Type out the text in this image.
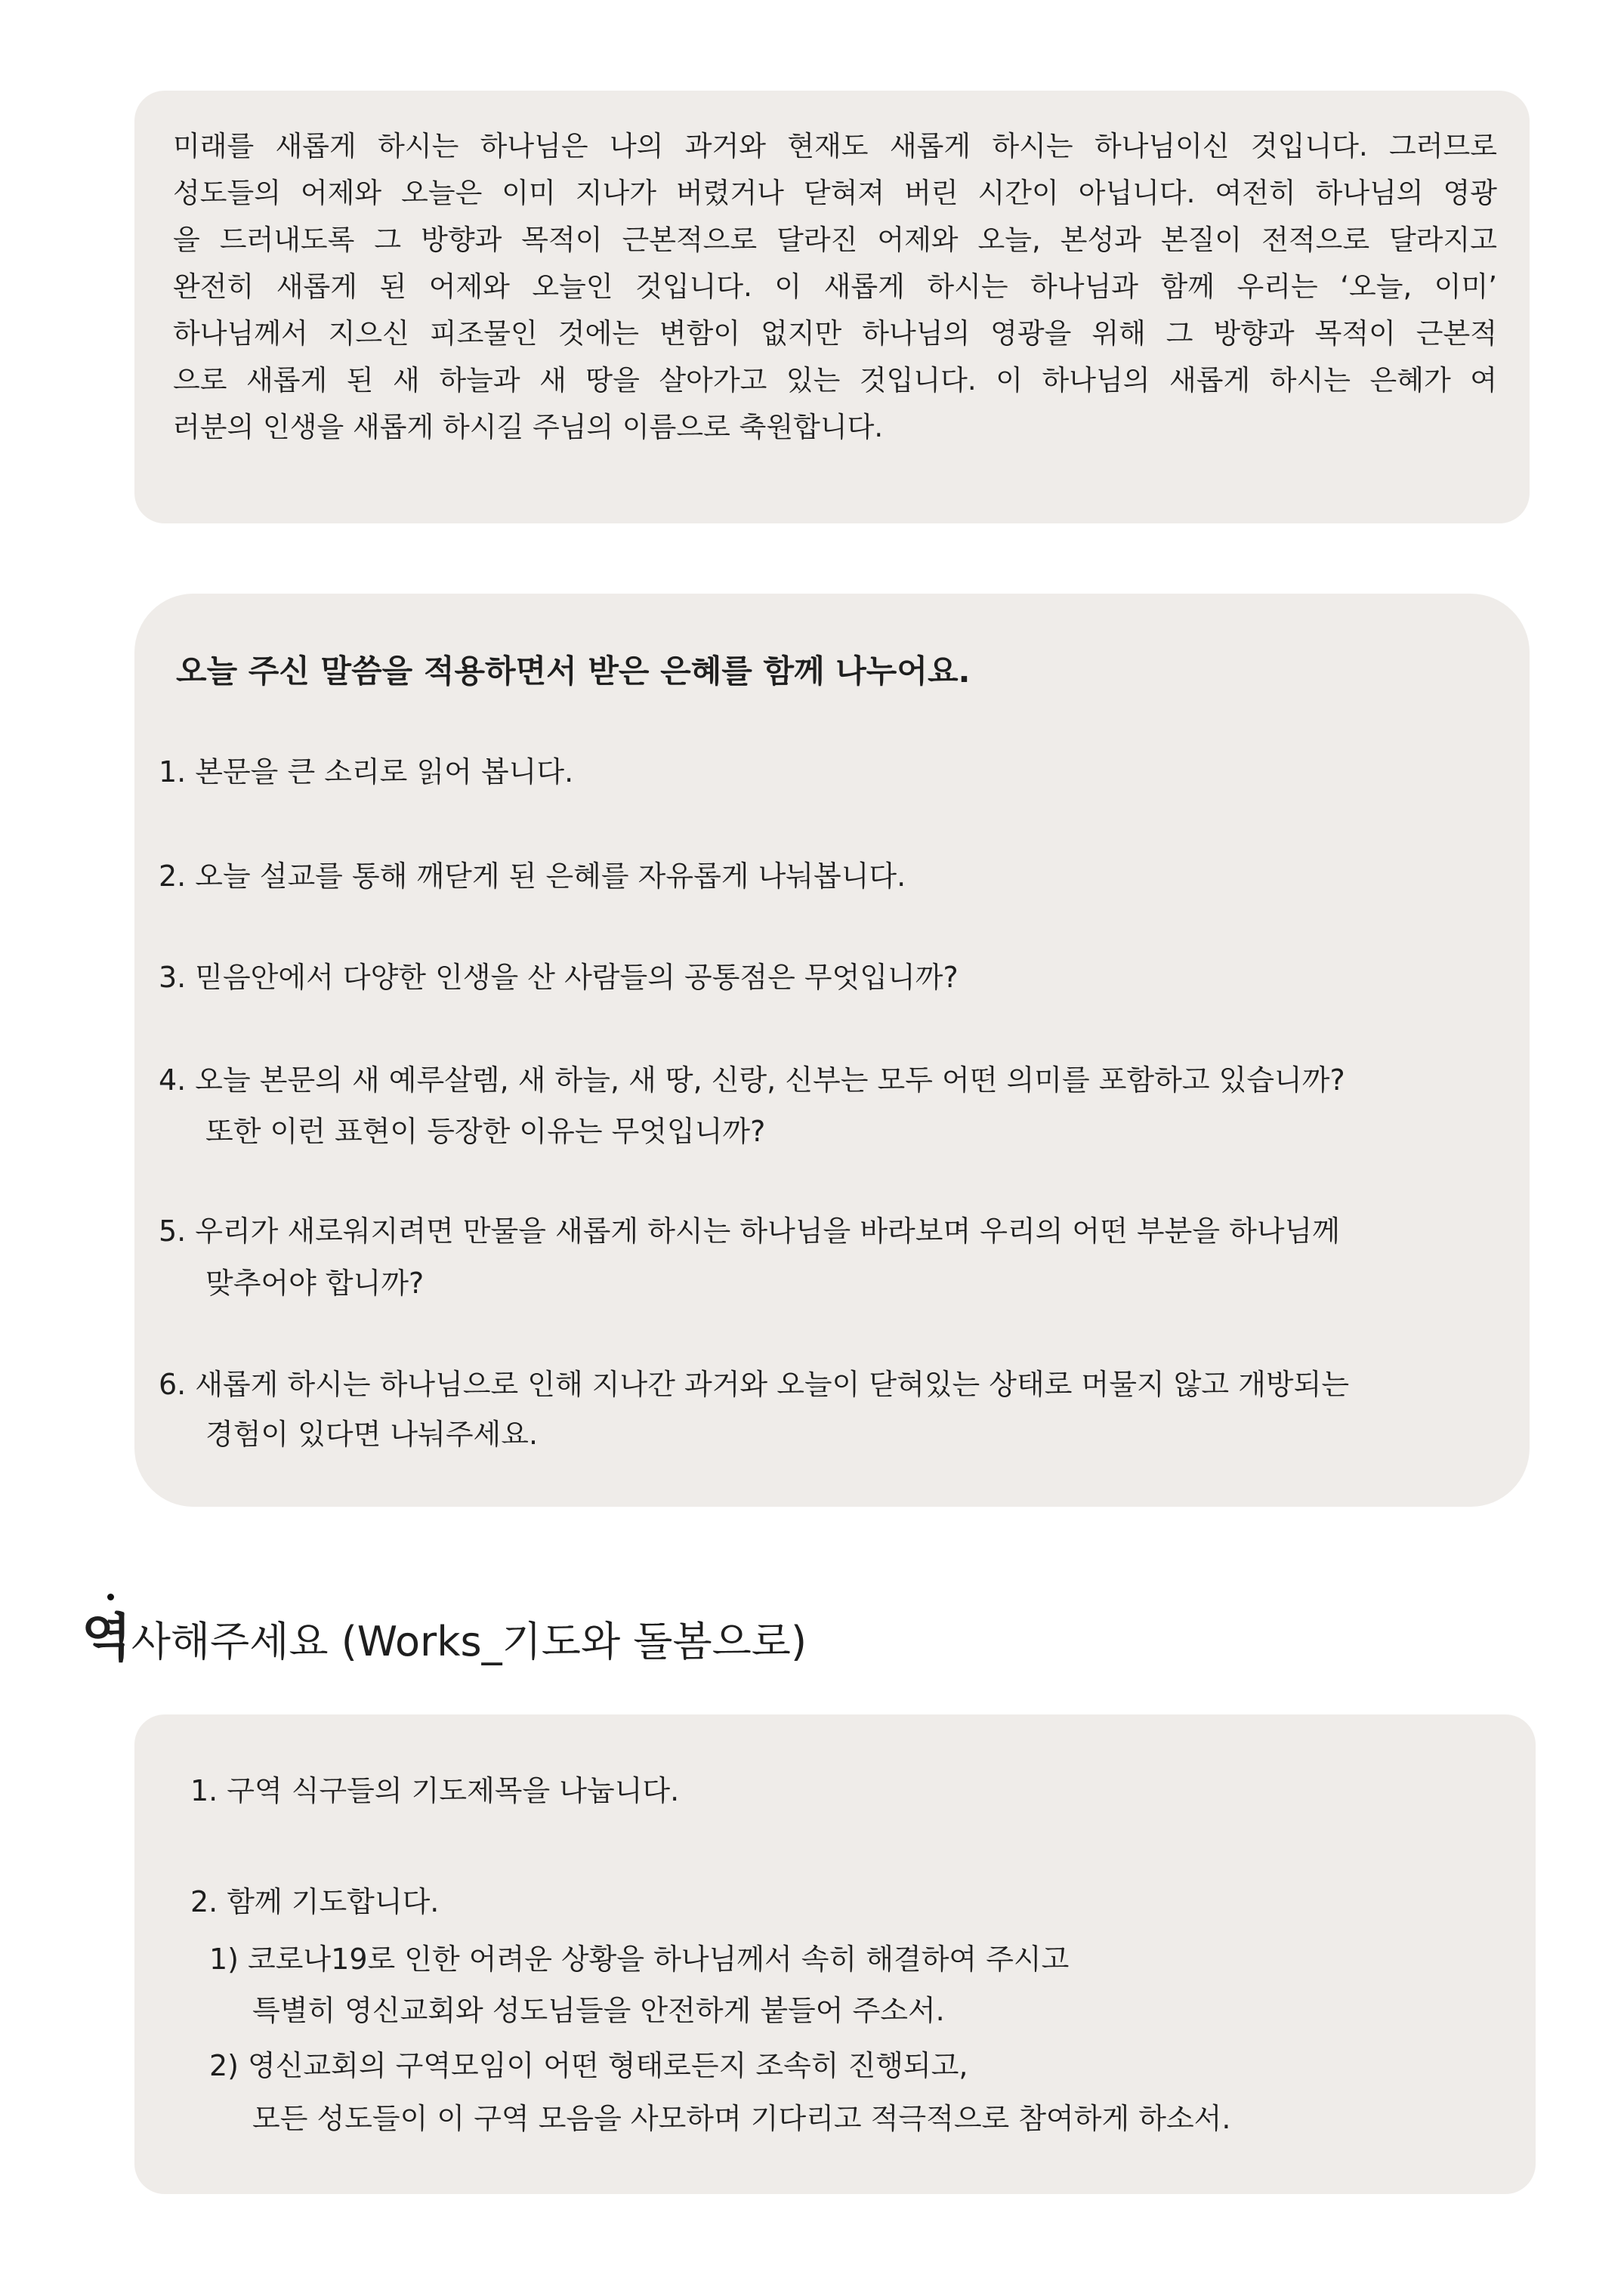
미래를 새롭게 하시는 하나님은 나의 과거와 현재도 새롭게 하시는 하나님이신 것입니다. 그러므로
성도들의 어제와 오늘은 이미 지나가 버렸거나 닫혀져 버린 시간이 아닙니다. 여전히 하나님의 영광
을 드러내도록 그 방향과 목적이 근본적으로 달라진 어제와 오늘, 본성과 본질이 전적으로 달라지고
완전히 새롭게 된 어제와 오늘인 것입니다. 이 새롭게 하시는 하나님과 함께 우리는 ‘오늘, 이미’
하나님께서 지으신 피조물인 것에는 변함이 없지만 하나님의 영광을 위해 그 방향과 목적이 근본적
으로 새롭게 된 새 하늘과 새 땅을 살아가고 있는 것입니다. 이 하나님의 새롭게 하시는 은혜가 여
러분의 인생을 새롭게 하시길 주님의 이름으로 축원합니다.
오늘 주신 말씀을 적용하면서 받은 은혜를 함께 나누어요.
1. 본문을 큰 소리로 읽어 봅니다.
2. 오늘 설교를 통해 깨닫게 된 은혜를 자유롭게 나눠봅니다.
3. 믿음안에서 다양한 인생을 산 사람들의 공통점은 무엇입니까?
4. 오늘 본문의 새 예루살렘, 새 하늘, 새 땅, 신랑, 신부는 모두 어떤 의미를 포함하고 있습니까?
또한 이런 표현이 등장한 이유는 무엇입니까?
5. 우리가 새로워지려면 만물을 새롭게 하시는 하나님을 바라보며 우리의 어떤 부분을 하나님께
맞추어야 합니까?
6. 새롭게 하시는 하나님으로 인해 지나간 과거와 오늘이 닫혀있는 상태로 머물지 않고 개방되는
경험이 있다면 나눠주세요.
역사해주세요 (Works_기도와 돌봄으로)
1. 구역 식구들의 기도제목을 나눕니다.
2. 함께 기도합니다.
1) 코로나19로 인한 어려운 상황을 하나님께서 속히 해결하여 주시고
특별히 영신교회와 성도님들을 안전하게 붙들어 주소서.
2) 영신교회의 구역모임이 어떤 형태로든지 조속히 진행되고,
모든 성도들이 이 구역 모음을 사모하며 기다리고 적극적으로 참여하게 하소서.
